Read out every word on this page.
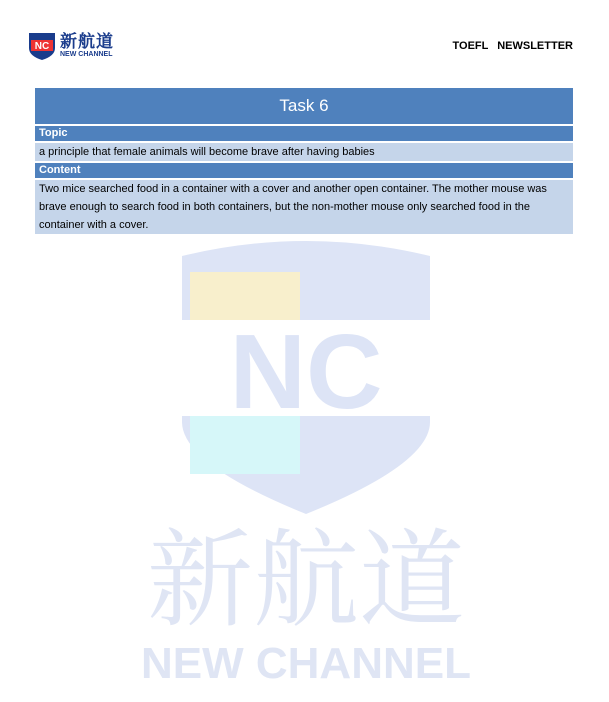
NC 新航道
NEW CHANNEL
TOEFL NEWSLETTER
NC
新航道
NEW CHANNEL
Task 6
Topic
a principle that female animals will become brave after having babies
Content
Two mice searched food in a container with a cover and another open container. The mother mouse was brave enough to search food in both containers, but the non-mother mouse only searched food in the container with a cover.
